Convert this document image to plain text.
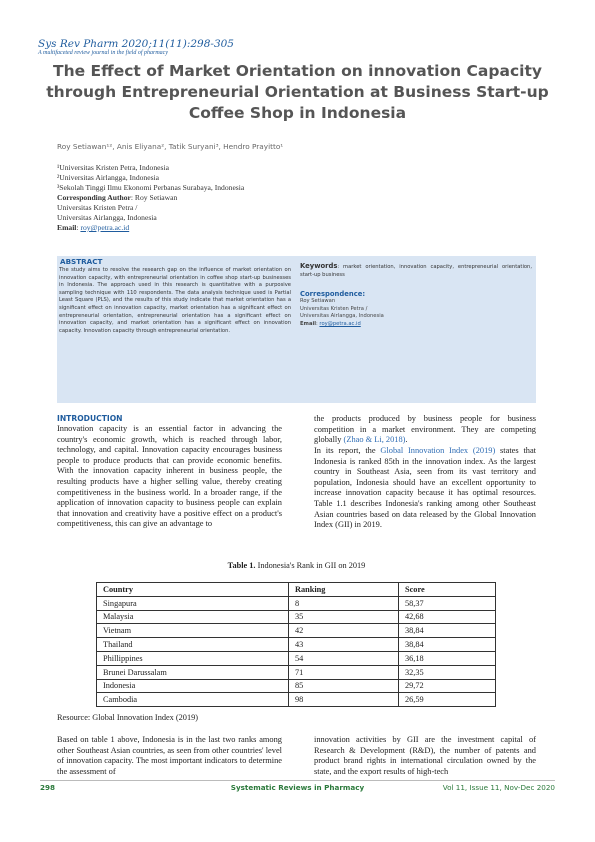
Sys Rev Pharm 2020;11(11):298-305
A multifaceted review journal in the field of pharmacy
The Effect of Market Orientation on innovation Capacity through Entrepreneurial Orientation at Business Start-up Coffee Shop in Indonesia
Roy Setiawan¹², Anis Eliyana², Tatik Suryani³, Hendro Prayitto¹
¹Universitas Kristen Petra, Indonesia
²Universitas Airlangga, Indonesia
³Sekolah Tinggi Ilmu Ekonomi Perbanas Surabaya, Indonesia
Corresponding Author: Roy Setiawan
Universitas Kristen Petra /
Universitas Airlangga, Indonesia
Email: roy@petra.ac.id
ABSTRACT
The study aims to resolve the research gap on the influence of market orientation on innovation capacity, with entrepreneurial orientation in coffee shop start-up businesses in Indonesia. The approach used in this research is quantitative with a purposive sampling technique with 110 respondents. The data analysis technique used is Partial Least Square (PLS), and the results of this study indicate that market orientation has a significant effect on innovation capacity, market orientation has a significant effect on entrepreneurial orientation, entrepreneurial orientation has a significant effect on innovation capacity, and market orientation has a significant effect on innovation capacity. Innovation capacity through entrepreneurial orientation.
Keywords: market orientation, innovation capacity, entrepreneurial orientation, start-up business
Correspondence:
Roy Setiawan
Universitas Kristen Petra /
Universitas Airlangga, Indonesia
Email: roy@petra.ac.id
INTRODUCTION
Innovation capacity is an essential factor in advancing the country's economic growth, which is reached through labor, technology, and capital. Innovation capacity encourages business people to produce products that can provide economic benefits. With the innovation capacity inherent in business people, the resulting products have a higher selling value, thereby creating competitiveness in the business world. In a broader range, if the application of innovation capacity to business people can explain that innovation and creativity have a positive effect on a product's competitiveness, this can give an advantage to
the products produced by business people for business competition in a market environment. They are competing globally (Zhao & Li, 2018).
In its report, the Global Innovation Index (2019) states that Indonesia is ranked 85th in the innovation index. As the largest country in Southeast Asia, seen from its vast territory and population, Indonesia should have an excellent opportunity to increase innovation capacity because it has optimal resources. Table 1.1 describes Indonesia's ranking among other Southeast Asian countries based on data released by the Global Innovation Index (GII) in 2019.
Table 1. Indonesia's Rank in GII on 2019
Country	Ranking	Score
Singapura	8	58,37
Malaysia	35	42,68
Vietnam	42	38,84
Thailand	43	38,84
Phillippines	54	36,18
Brunei Darussalam	71	32,35
Indonesia	85	29,72
Cambodia	98	26,59
Resource: Global Innovation Index (2019)
Based on table 1 above, Indonesia is in the last two ranks among other Southeast Asian countries, as seen from other countries' level of innovation capacity. The most important indicators to determine the assessment of
innovation activities by GII are the investment capital of Research & Development (R&D), the number of patents and product brand rights in international circulation owned by the state, and the export results of high-tech
298	Systematic Reviews in Pharmacy	Vol 11, Issue 11, Nov-Dec 2020
